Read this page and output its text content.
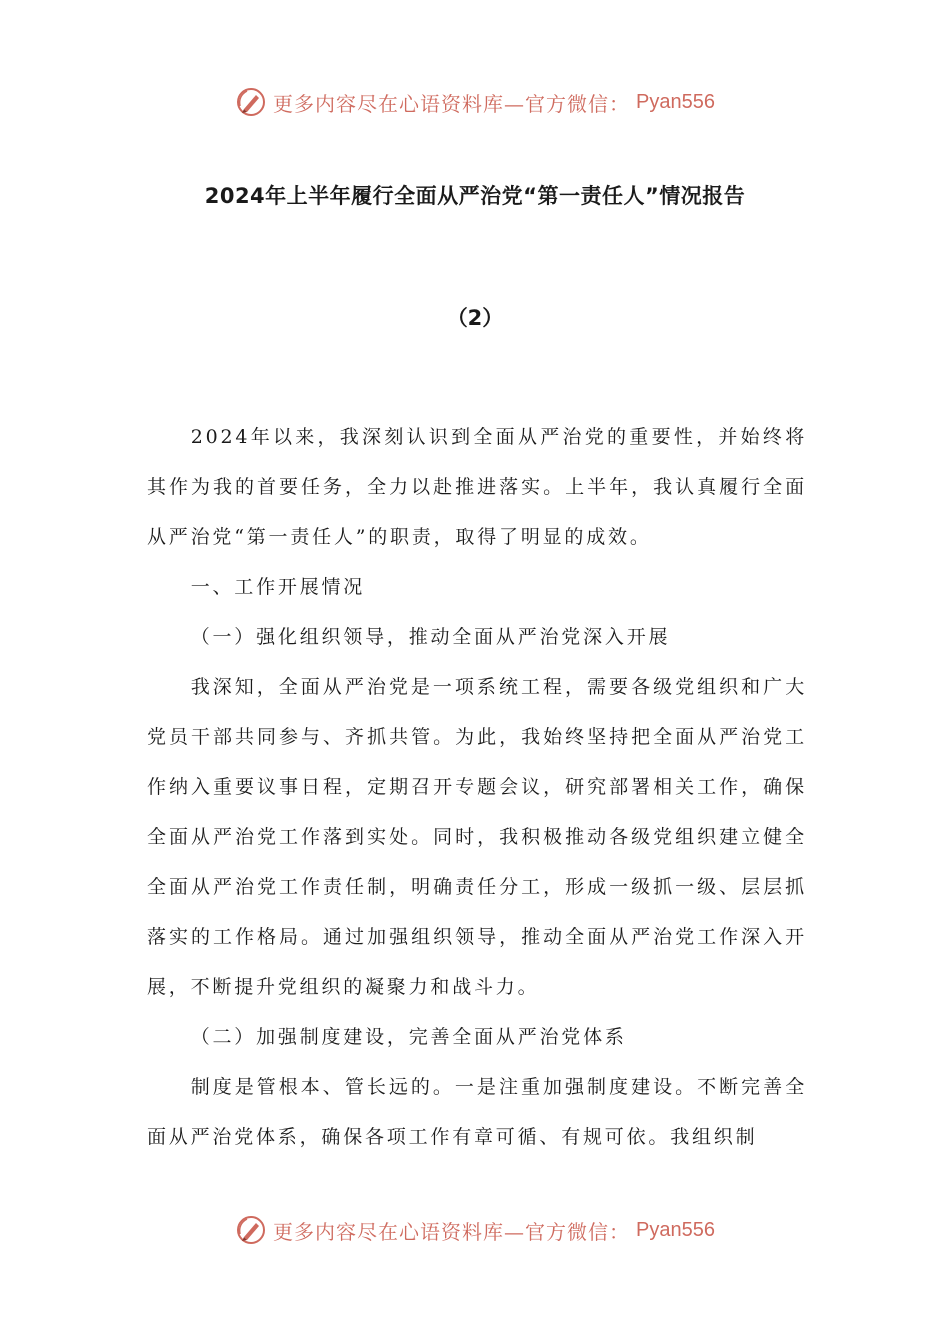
更多内容尽在心语资料库—官方微信： Pyan556
2024年上半年履行全面从严治党“第一责任人”情况报告
（2）

2024年以来，我深刻认识到全面从严治党的重要性，并始终将其作为我的首要任务，全力以赴推进落实。上半年，我认真履行全面从严治党“第一责任人”的职责，取得了明显的成效。

一、工作开展情况

（一）强化组织领导，推动全面从严治党深入开展

我深知，全面从严治党是一项系统工程，需要各级党组织和广大党员干部共同参与、齐抓共管。为此，我始终坚持把全面从严治党工作纳入重要议事日程，定期召开专题会议，研究部署相关工作，确保全面从严治党工作落到实处。同时，我积极推动各级党组织建立健全全面从严治党工作责任制，明确责任分工，形成一级抓一级、层层抓落实的工作格局。通过加强组织领导，推动全面从严治党工作深入开展，不断提升党组织的凝聚力和战斗力。

（二）加强制度建设，完善全面从严治党体系

制度是管根本、管长远的。一是注重加强制度建设。不断完善全面从严治党体系，确保各项工作有章可循、有规可依。我组织制

更多内容尽在心语资料库—官方微信： Pyan556
